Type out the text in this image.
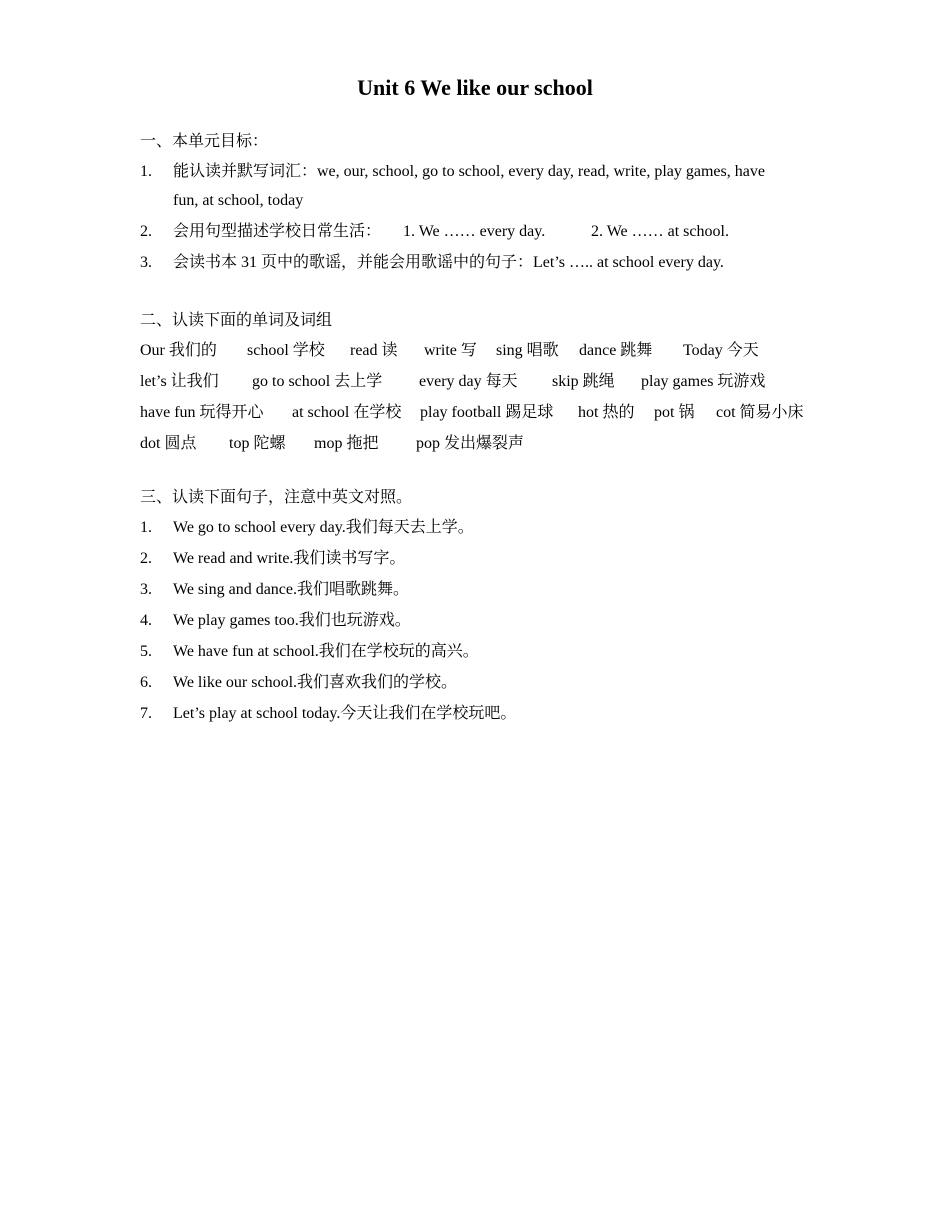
Unit 6 We like our school
一、本单元目标：
1. 能认读并默写词汇：we, our, school, go to school, every day, read, write, play games, have
fun, at school, today
2. 会用句型描述学校日常生活： 1. We …… every day.	2. We …… at school.
3. 会读书本 31 页中的歌谣，并能会用歌谣中的句子：Let’s ….. at school every day.
二、认读下面的单词及词组
Our 我们的 school 学校 read 读 write 写 sing 唱歌 dance 跳舞 Today 今天
let’s 让我们 go to school 去上学 every day 每天 skip 跳绳 play games 玩游戏
have fun 玩得开心 at school 在学校 play football 踢足球 hot 热的 pot 锅 cot 简易小床
dot 圆点 top 陀螺 mop 拖把 pop 发出爆裂声
三、认读下面句子，注意中英文对照。
1. We go to school every day.我们每天去上学。
2. We read and write.我们读书写字。
3. We sing and dance.我们唱歌跳舞。
4. We play games too.我们也玩游戏。
5. We have fun at school.我们在学校玩的高兴。
6. We like our school.我们喜欢我们的学校。
7. Let’s play at school today.今天让我们在学校玩吧。
